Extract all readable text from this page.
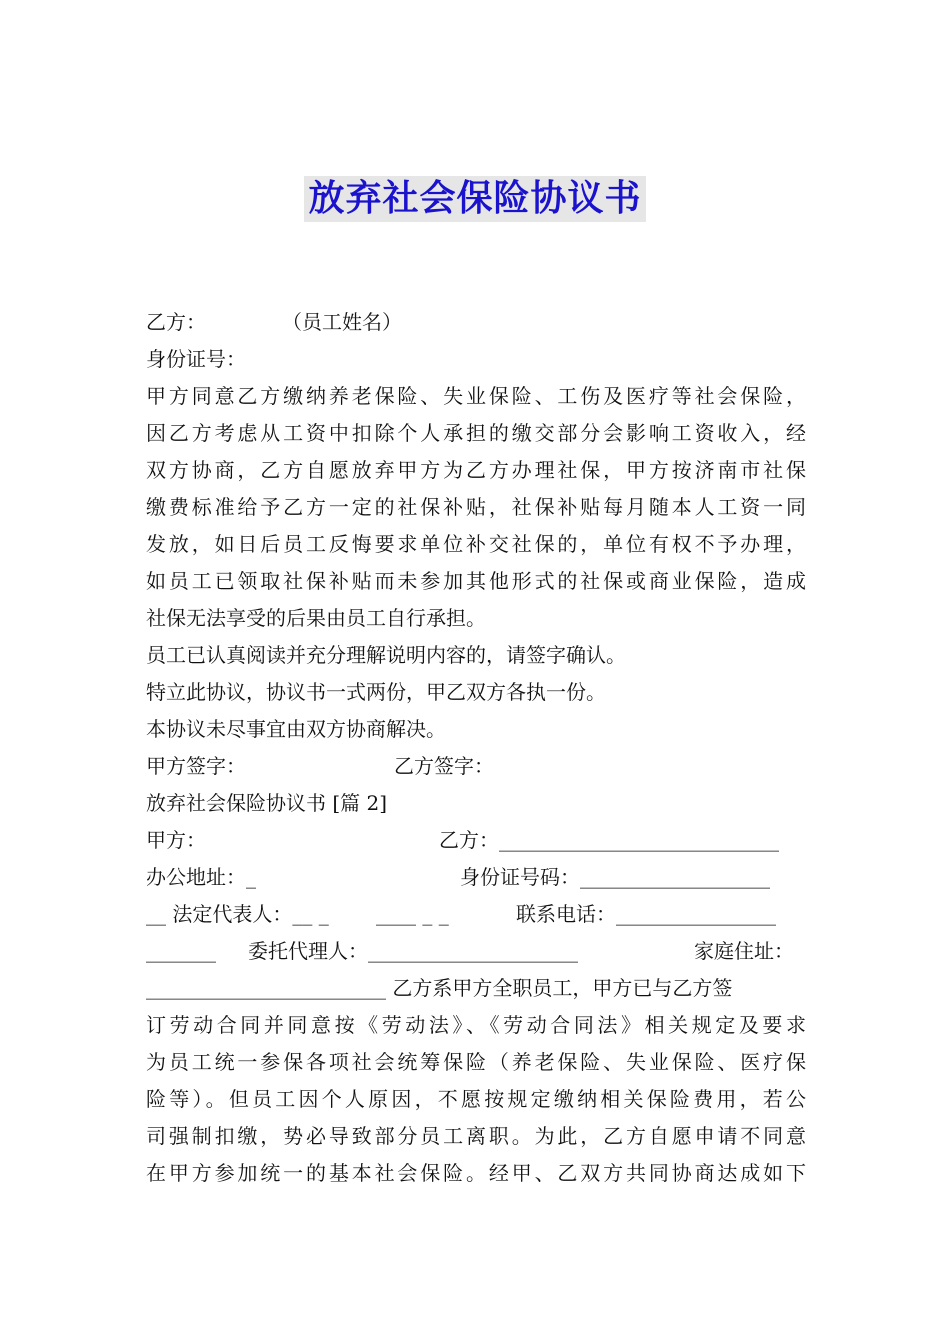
放弃社会保险协议书
乙方：	（员工姓名）
身份证号：
甲方同意乙方缴纳养老保险、失业保险、工伤及医疗等社会保险，
因乙方考虑从工资中扣除个人承担的缴交部分会影响工资收入，经
双方协商，乙方自愿放弃甲方为乙方办理社保，甲方按济南市社保
缴费标准给予乙方一定的社保补贴，社保补贴每月随本人工资一同
发放，如日后员工反悔要求单位补交社保的，单位有权不予办理，
如员工已领取社保补贴而未参加其他形式的社保或商业保险，造成
社保无法享受的后果由员工自行承担。
员工已认真阅读并充分理解说明内容的，请签字确认。
特立此协议，协议书一式两份，甲乙双方各执一份。
本协议未尽事宜由双方协商解决。
甲方签字：	乙方签字：
放弃社会保险协议书 [篇 2]
甲方：	乙方：____________________________
办公地址：_	身份证号码：___________________
__ 法定代表人：__ _ ____ _ _	联系电话：________________
_______ 委托代理人：_____________________	家庭住址：
________________________ 乙方系甲方全职员工，甲方已与乙方签
订劳动合同并同意按《劳动法》、《劳动合同法》相关规定及要求
为员工统一参保各项社会统筹保险（养老保险、失业保险、医疗保
险等）。但员工因个人原因，不愿按规定缴纳相关保险费用，若公
司强制扣缴，势必导致部分员工离职。为此，乙方自愿申请不同意
在甲方参加统一的基本社会保险。经甲、乙双方共同协商达成如下
